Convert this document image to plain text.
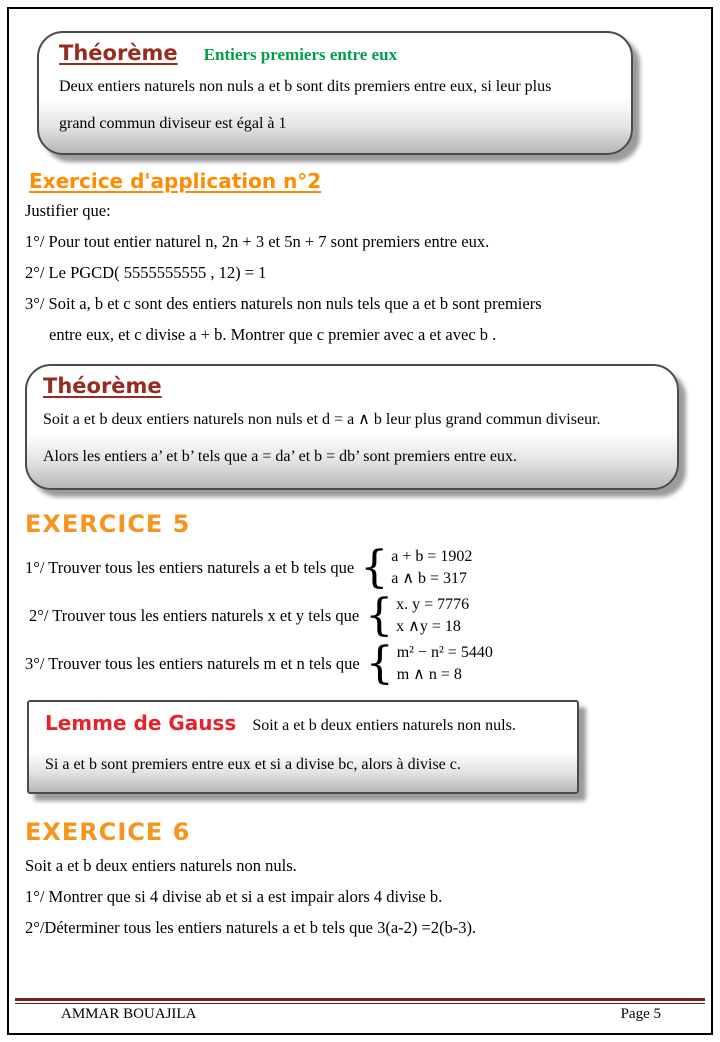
Théorème Entiers premiers entre eux

Deux entiers naturels non nuls a et b sont dits premiers entre eux, si leur plus

grand commun diviseur est égal à 1

Exercice d'application n°2

Justifier que:

1°/ Pour tout entier naturel n, 2n + 3 et 5n + 7 sont premiers entre eux.

2°/ Le PGCD( 5555555555 , 12) = 1

3°/ Soit a, b et c sont des entiers naturels non nuls tels que a et b sont premiers

entre eux, et c divise a + b. Montrer que c premier avec a et avec b .

Théorème

Soit a et b deux entiers naturels non nuls et d = a ∧ b leur plus grand commun diviseur.

Alors les entiers a’ et b’ tels que a = da’ et b = db’ sont premiers entre eux.

EXERCICE 5

1°/ Trouver tous les entiers naturels a et b tels que { a + b = 1902
a ∧ b = 317
2°/ Trouver tous les entiers naturels x et y tels que { x. y = 7776
x ∧y = 18
3°/ Trouver tous les entiers naturels m et n tels que { m² − n² = 5440
m ∧ n = 8

Lemme de Gauss Soit a et b deux entiers naturels non nuls.

Si a et b sont premiers entre eux et si a divise bc, alors à divise c.

EXERCICE 6

Soit a et b deux entiers naturels non nuls.

1°/ Montrer que si 4 divise ab et si a est impair alors 4 divise b.

2°/Déterminer tous les entiers naturels a et b tels que 3(a-2) =2(b-3).

AMMAR BOUAJILA	Page 5
